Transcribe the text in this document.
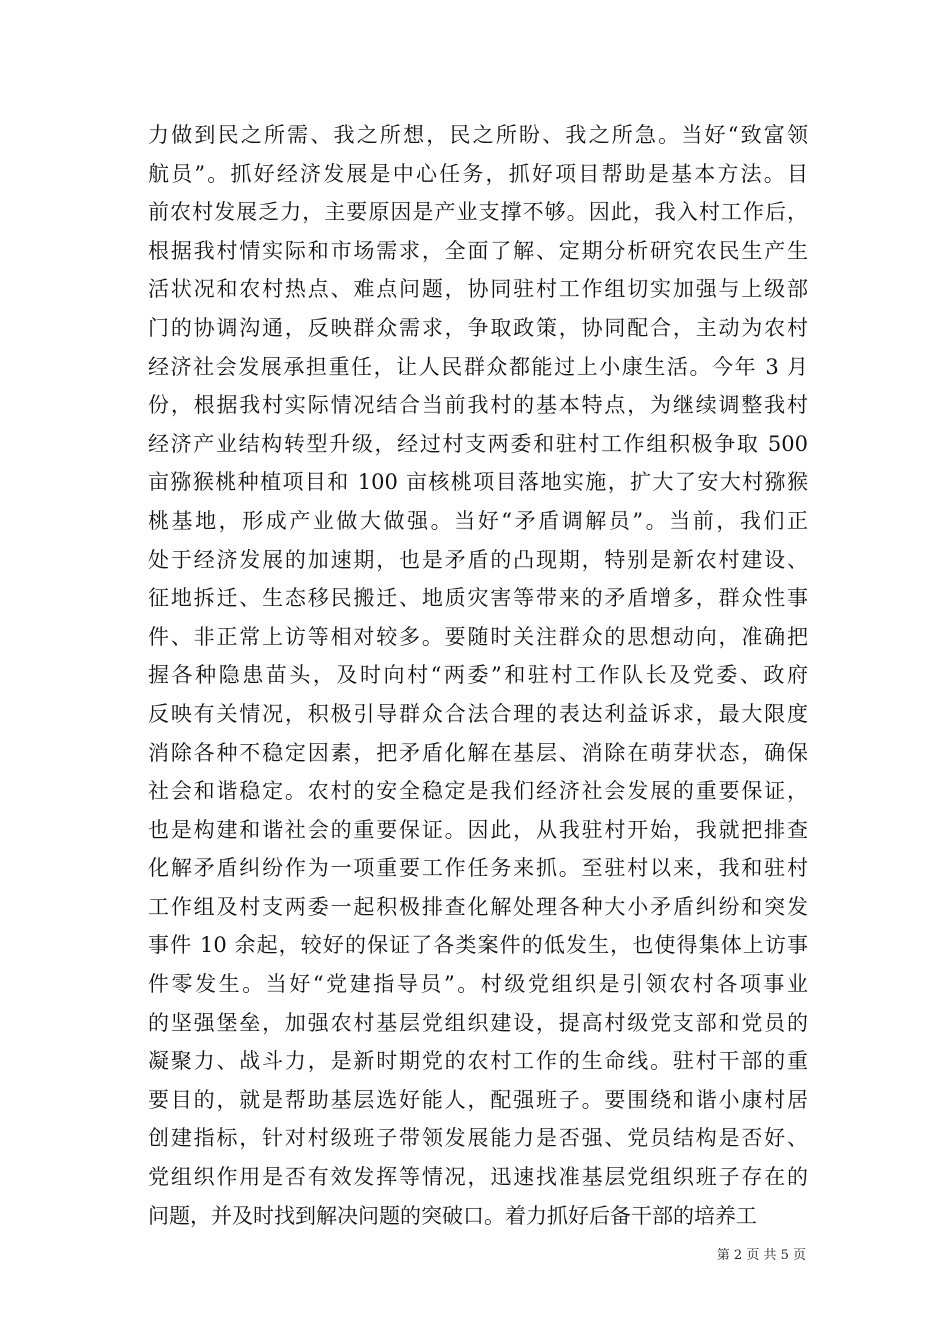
力做到民之所需、我之所想，民之所盼、我之所急。当好“致富领
航员”。抓好经济发展是中心任务，抓好项目帮助是基本方法。目
前农村发展乏力，主要原因是产业支撑不够。因此，我入村工作后，
根据我村情实际和市场需求，全面了解、定期分析研究农民生产生
活状况和农村热点、难点问题，协同驻村工作组切实加强与上级部
门的协调沟通，反映群众需求，争取政策，协同配合，主动为农村
经济社会发展承担重任，让人民群众都能过上小康生活。今年 3 月
份，根据我村实际情况结合当前我村的基本特点，为继续调整我村
经济产业结构转型升级，经过村支两委和驻村工作组积极争取 500
亩猕猴桃种植项目和 100 亩核桃项目落地实施，扩大了安大村猕猴
桃基地，形成产业做大做强。当好“矛盾调解员”。当前，我们正
处于经济发展的加速期，也是矛盾的凸现期，特别是新农村建设、
征地拆迁、生态移民搬迁、地质灾害等带来的矛盾增多，群众性事
件、非正常上访等相对较多。要随时关注群众的思想动向，准确把
握各种隐患苗头，及时向村“两委”和驻村工作队长及党委、政府
反映有关情况，积极引导群众合法合理的表达利益诉求，最大限度
消除各种不稳定因素，把矛盾化解在基层、消除在萌芽状态，确保
社会和谐稳定。农村的安全稳定是我们经济社会发展的重要保证，
也是构建和谐社会的重要保证。因此，从我驻村开始，我就把排查
化解矛盾纠纷作为一项重要工作任务来抓。至驻村以来，我和驻村
工作组及村支两委一起积极排查化解处理各种大小矛盾纠纷和突发
事件 10 余起，较好的保证了各类案件的低发生，也使得集体上访事
件零发生。当好“党建指导员”。村级党组织是引领农村各项事业
的坚强堡垒，加强农村基层党组织建设，提高村级党支部和党员的
凝聚力、战斗力，是新时期党的农村工作的生命线。驻村干部的重
要目的，就是帮助基层选好能人，配强班子。要围绕和谐小康村居
创建指标，针对村级班子带领发展能力是否强、党员结构是否好、
党组织作用是否有效发挥等情况，迅速找准基层党组织班子存在的
问题，并及时找到解决问题的突破口。着力抓好后备干部的培养工
第 2 页 共 5 页
